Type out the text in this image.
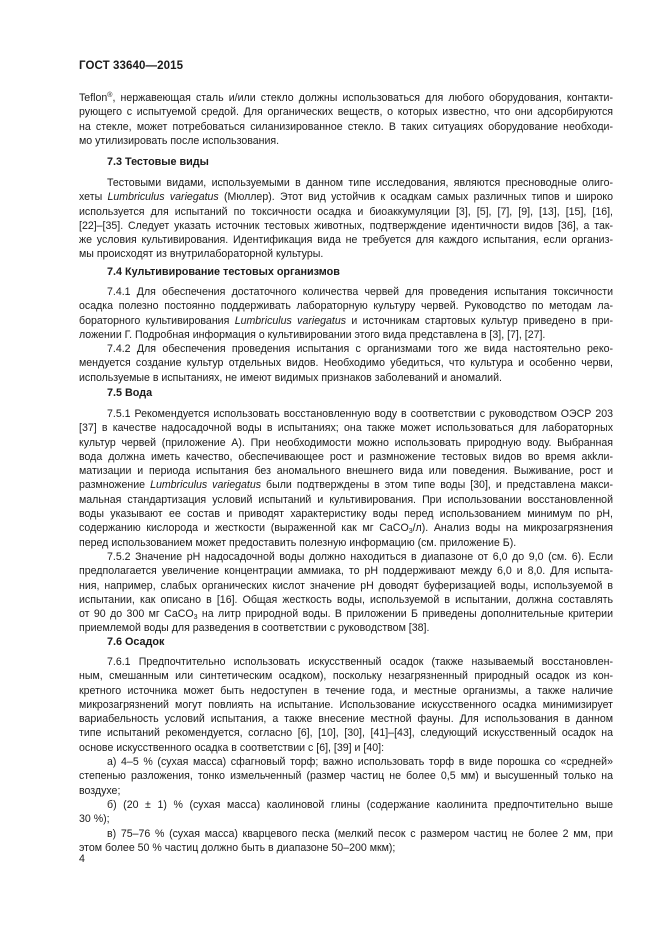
ГОСТ 33640—2015
Teflon®, нержавеющая сталь и/или стекло должны использоваться для любого оборудования, контакти-
рующего с испытуемой средой. Для органических веществ, о которых известно, что они адсорбируются
на стекле, может потребоваться силанизированное стекло. В таких ситуациях оборудование необходи-
мо утилизировать после использования.
7.3 Тестовые виды
Тестовыми видами, используемыми в данном типе исследования, являются пресноводные олиго-
хеты Lumbriculus variegatus (Мюллер). Этот вид устойчив к осадкам самых различных типов и широко
используется для испытаний по токсичности осадка и биоаккумуляции [3], [5], [7], [9], [13], [15], [16],
[22]–[35]. Следует указать источник тестовых животных, подтверждение идентичности видов [36], а так-
же условия культивирования. Идентификация вида не требуется для каждого испытания, если организ-
мы происходят из внутрилабораторной культуры.
7.4 Культивирование тестовых организмов
7.4.1 Для обеспечения достаточного количества червей для проведения испытания токсичности
осадка полезно постоянно поддерживать лабораторную культуру червей. Руководство по методам ла-
бораторного культивирования Lumbriculus variegatus и источникам стартовых культур приведено в при-
ложении Г. Подробная информация о культивировании этого вида представлена в [3], [7], [27].
7.4.2 Для обеспечения проведения испытания с организмами того же вида настоятельно реко-
мендуется создание культур отдельных видов. Необходимо убедиться, что культура и особенно черви,
используемые в испытаниях, не имеют видимых признаков заболеваний и аномалий.
7.5 Вода
7.5.1 Рекомендуется использовать восстановленную воду в соответствии с руководством ОЭСР 203
[37] в качестве надосадочной воды в испытаниях; она также может использоваться для лабораторных
культур червей (приложение А). При необходимости можно использовать природную воду. Выбранная
вода должна иметь качество, обеспечивающее рост и размножение тестовых видов во время акkли-
матизации и периода испытания без аномального внешнего вида или поведения. Выживание, рост и
размножение Lumbriculus variegatus были подтверждены в этом типе воды [30], и представлена макси-
мальная стандартизация условий испытаний и культивирования. При использовании восстановленной
воды указывают ее состав и приводят характеристику воды перед использованием минимум по pH,
содержанию кислорода и жесткости (выраженной как мг CaCO$_3$/л). Анализ воды на микрозагрязнения
перед использованием может предоставить полезную информацию (см. приложение Б).
7.5.2 Значение pH надосадочной воды должно находиться в диапазоне от 6,0 до 9,0 (см. 6). Если
предполагается увеличение концентрации аммиака, то pH поддерживают между 6,0 и 8,0. Для испыта-
ния, например, слабых органических кислот значение pH доводят буферизацией воды, используемой в
испытании, как описано в [16]. Общая жесткость воды, используемой в испытании, должна составлять
от 90 до 300 мг CaCO$_3$ на литр природной воды. В приложении Б приведены дополнительные критерии
приемлемой воды для разведения в соответствии с руководством [38].
7.6 Осадок
7.6.1 Предпочтительно использовать искусственный осадок (также называемый восстановлен-
ным, смешанным или синтетическим осадком), поскольку незагрязненный природный осадок из кон-
кретного источника может быть недоступен в течение года, и местные организмы, а также наличие
микрозагрязнений могут повлиять на испытание. Использование искусственного осадка минимизирует
вариабельность условий испытания, а также внесение местной фауны. Для использования в данном
типе испытаний рекомендуется, согласно [6], [10], [30], [41]–[43], следующий искусственный осадок на
основе искусственного осадка в соответствии с [6], [39] и [40]:
а) 4–5 % (сухая масса) сфагновый торф; важно использовать торф в виде порошка со «средней»
степенью разложения, тонко измельченный (размер частиц не более 0,5 мм) и высушенный только на
воздухе;
б) (20 ± 1) % (сухая масса) каолиновой глины (содержание каолинита предпочтительно выше
30 %);
в) 75–76 % (сухая масса) кварцевого песка (мелкий песок с размером частиц не более 2 мм, при
этом более 50 % частиц должно быть в диапазоне 50–200 мкм);
4
